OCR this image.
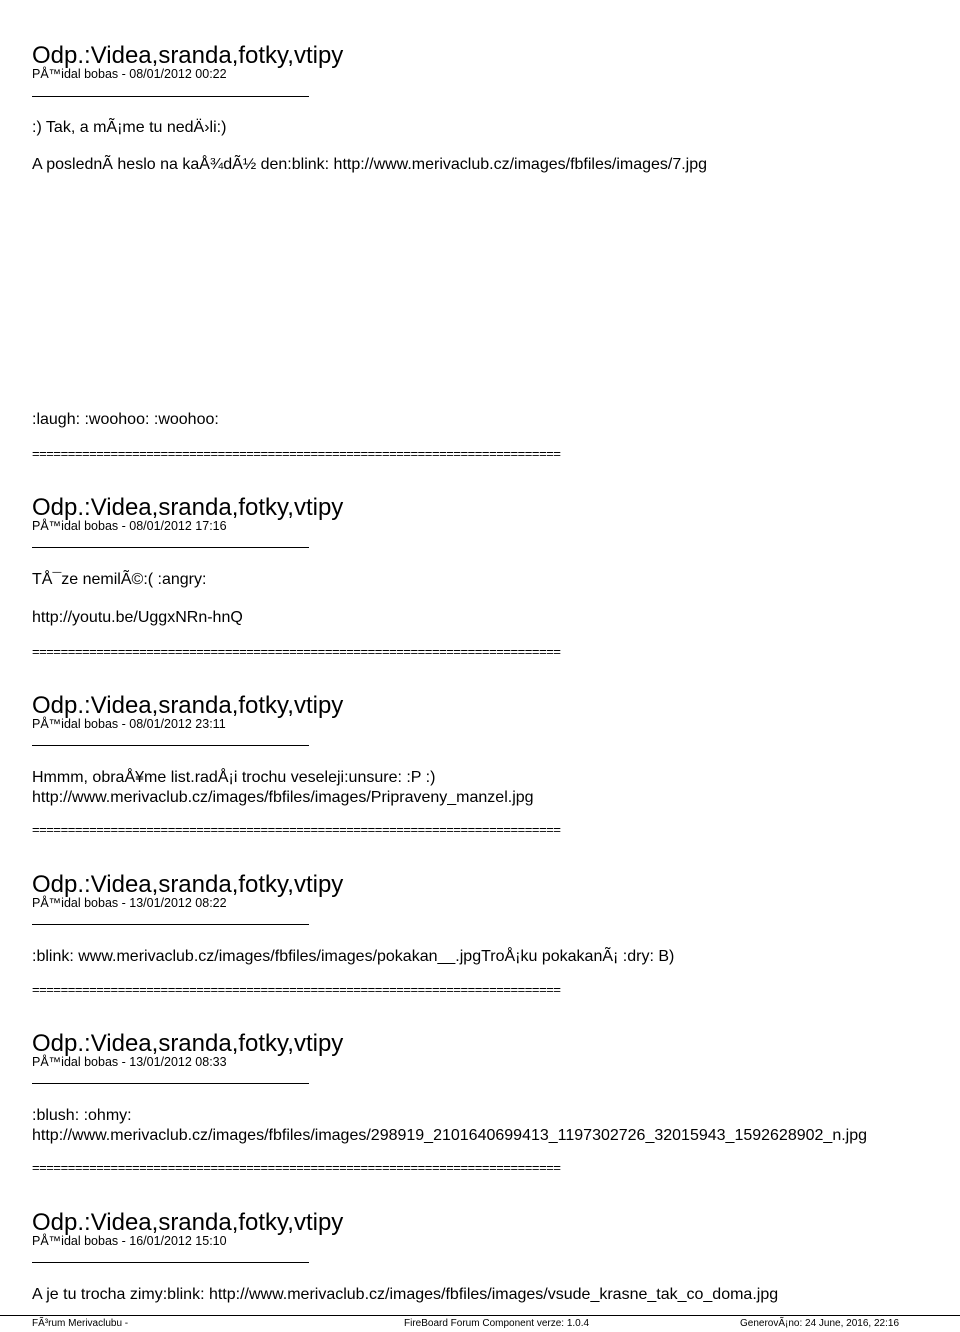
Odp.:Videa,sranda,fotky,vtipy
PÅ™idal bobas - 08/01/2012 00:22
:) Tak, a mÃ¡me tu nedÄ›li:)
A poslednÃ heslo na kaÅ¾dÃ½ den:blink: http://www.merivaclub.cz/images/fbfiles/images/7.jpg
:laugh: :woohoo: :woohoo:
==========================================================================
Odp.:Videa,sranda,fotky,vtipy
PÅ™idal bobas - 08/01/2012 17:16
TÅ¯ze nemilÃ©:( :angry:
http://youtu.be/UggxNRn-hnQ
==========================================================================
Odp.:Videa,sranda,fotky,vtipy
PÅ™idal bobas - 08/01/2012 23:11
Hmmm, obraÅ¥me list.radÅ¡i trochu veseleji:unsure: :P :)
http://www.merivaclub.cz/images/fbfiles/images/Pripraveny_manzel.jpg
==========================================================================
Odp.:Videa,sranda,fotky,vtipy
PÅ™idal bobas - 13/01/2012 08:22
:blink: www.merivaclub.cz/images/fbfiles/images/pokakan__.jpgTroÅ¡ku pokakanÃ¡ :dry: B)
==========================================================================
Odp.:Videa,sranda,fotky,vtipy
PÅ™idal bobas - 13/01/2012 08:33
:blush: :ohmy:
http://www.merivaclub.cz/images/fbfiles/images/298919_2101640699413_1197302726_32015943_1592628902_n.jpg
==========================================================================
Odp.:Videa,sranda,fotky,vtipy
PÅ™idal bobas - 16/01/2012 15:10
A je tu trocha zimy:blink: http://www.merivaclub.cz/images/fbfiles/images/vsude_krasne_tak_co_doma.jpg
FÃ³rum Merivaclubu -	FireBoard Forum Component verze: 1.0.4	GenerovÃ¡no: 24 June, 2016, 22:16
